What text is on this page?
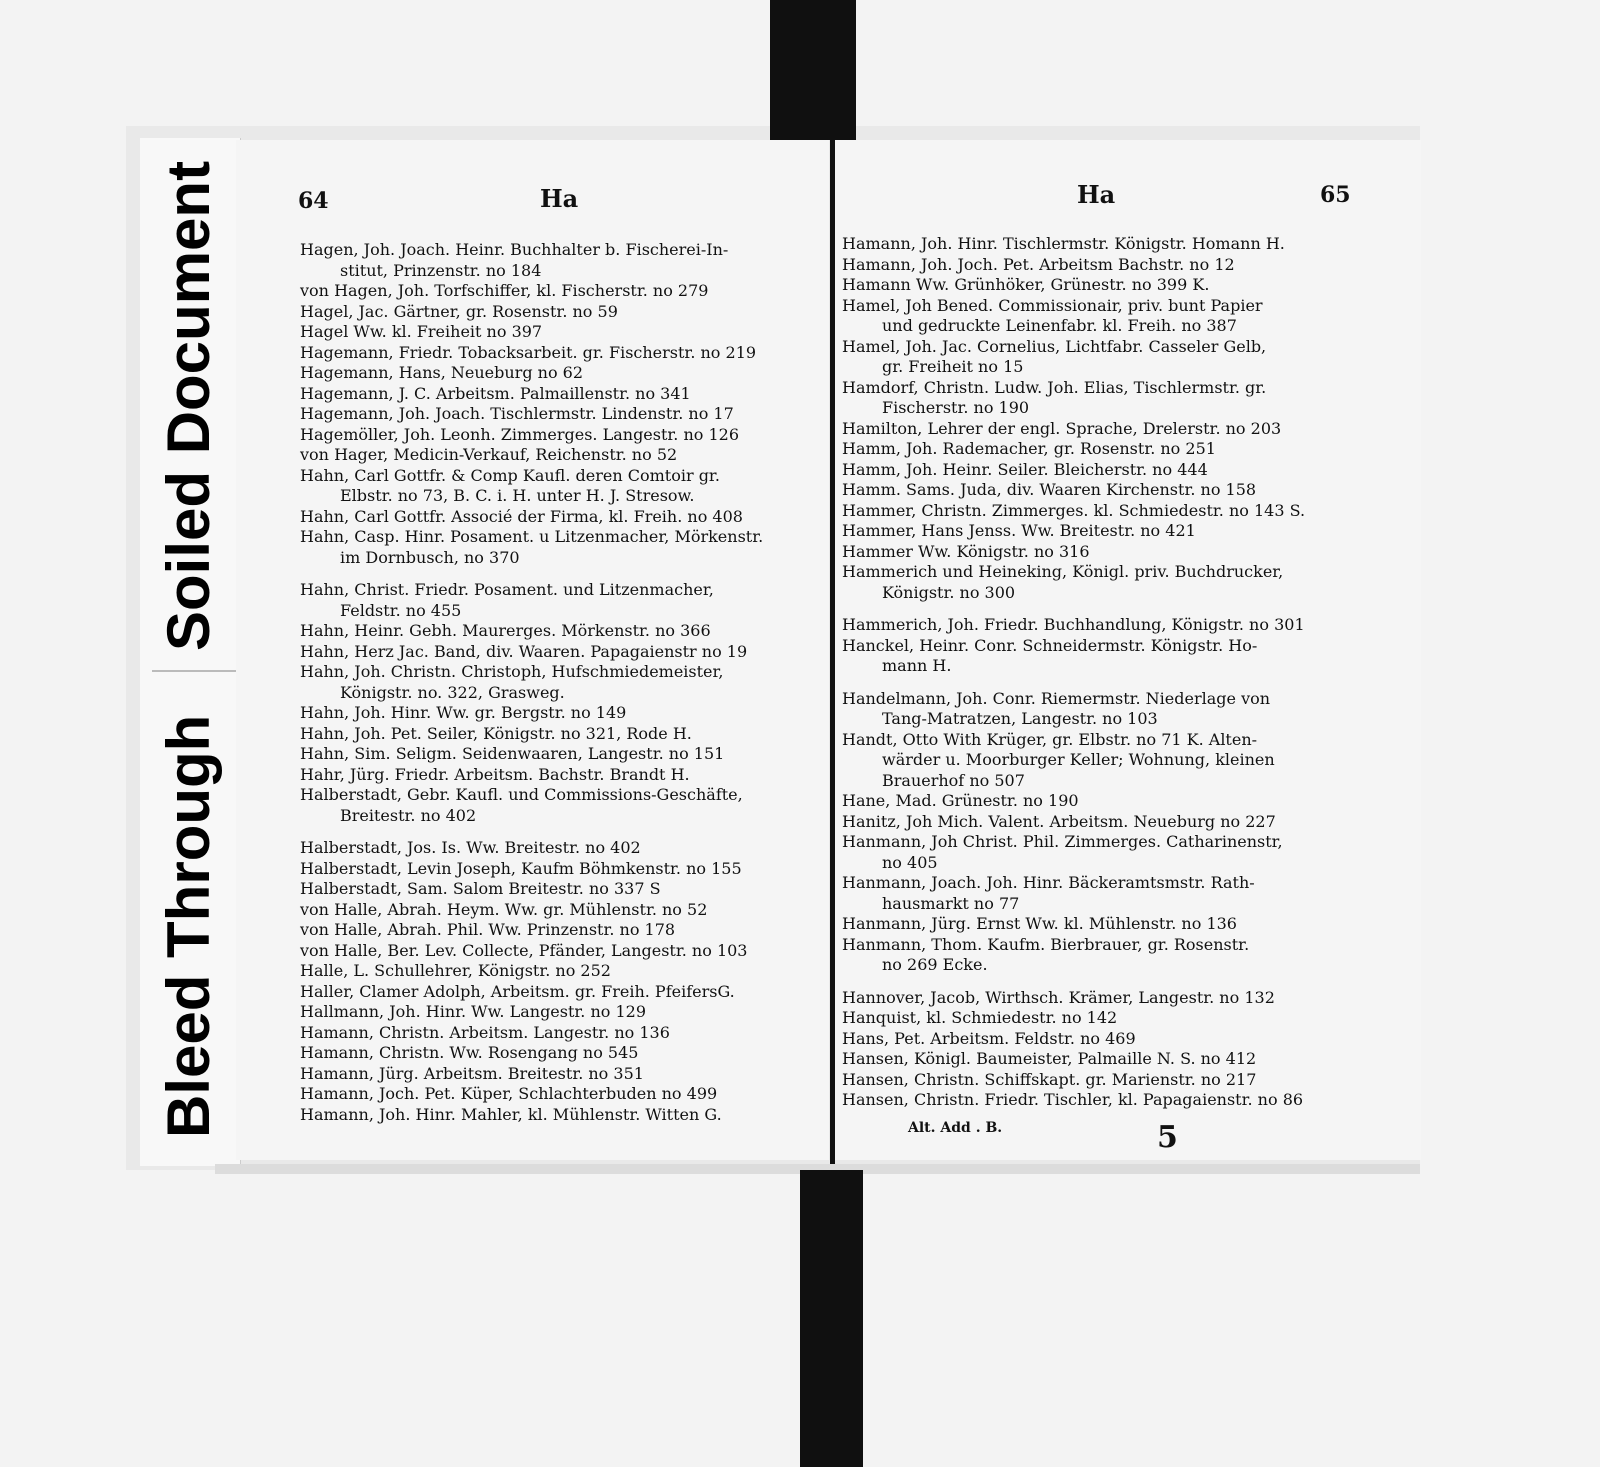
Bleed Through
Soiled Document	64	Ha	Ha	65
Hagen, Joh. Joach. Heinr. Buchhalter b. Fischerei-In-
stitut, Prinzenstr. no 184
von Hagen, Joh. Torfschiffer, kl. Fischerstr. no 279
Hagel, Jac. Gärtner, gr. Rosenstr. no 59
Hagel Ww. kl. Freiheit no 397
Hagemann, Friedr. Tobacksarbeit. gr. Fischerstr. no 219
Hagemann, Hans, Neueburg no 62
Hagemann, J. C. Arbeitsm. Palmaillenstr. no 341
Hagemann, Joh. Joach. Tischlermstr. Lindenstr. no 17
Hagemöller, Joh. Leonh. Zimmerges. Langestr. no 126
von Hager, Medicin-Verkauf, Reichenstr. no 52
Hahn, Carl Gottfr. & Comp Kaufl. deren Comtoir gr.
Elbstr. no 73, B. C. i. H. unter H. J. Stresow.
Hahn, Carl Gottfr. Associé der Firma, kl. Freih. no 408
Hahn, Casp. Hinr. Posament. u Litzenmacher, Mörkenstr.
im Dornbusch, no 370
Hahn, Christ. Friedr. Posament. und Litzenmacher,
Feldstr. no 455
Hahn, Heinr. Gebh. Maurerges. Mörkenstr. no 366
Hahn, Herz Jac. Band, div. Waaren. Papagaienstr no 19
Hahn, Joh. Christn. Christoph, Hufschmiedemeister,
Königstr. no. 322, Grasweg.
Hahn, Joh. Hinr. Ww. gr. Bergstr. no 149
Hahn, Joh. Pet. Seiler, Königstr. no 321, Rode H.
Hahn, Sim. Seligm. Seidenwaaren, Langestr. no 151
Hahr, Jürg. Friedr. Arbeitsm. Bachstr. Brandt H.
Halberstadt, Gebr. Kaufl. und Commissions-Geschäfte,
Breitestr. no 402
Halberstadt, Jos. Is. Ww. Breitestr. no 402
Halberstadt, Levin Joseph, Kaufm Böhmkenstr. no 155
Halberstadt, Sam. Salom Breitestr. no 337 S
von Halle, Abrah. Heym. Ww. gr. Mühlenstr. no 52
von Halle, Abrah. Phil. Ww. Prinzenstr. no 178
von Halle, Ber. Lev. Collecte, Pfänder, Langestr. no 103
Halle, L. Schullehrer, Königstr. no 252
Haller, Clamer Adolph, Arbeitsm. gr. Freih. PfeifersG.
Hallmann, Joh. Hinr. Ww. Langestr. no 129
Hamann, Christn. Arbeitsm. Langestr. no 136
Hamann, Christn. Ww. Rosengang no 545
Hamann, Jürg. Arbeitsm. Breitestr. no 351
Hamann, Joch. Pet. Küper, Schlachterbuden no 499
Hamann, Joh. Hinr. Mahler, kl. Mühlenstr. Witten G.
Hamann, Joh. Hinr. Tischlermstr. Königstr. Homann H.
Hamann, Joh. Joch. Pet. Arbeitsm Bachstr. no 12
Hamann Ww. Grünhöker, Grünestr. no 399 K.
Hamel, Joh Bened. Commissionair, priv. bunt Papier
und gedruckte Leinenfabr. kl. Freih. no 387
Hamel, Joh. Jac. Cornelius, Lichtfabr. Casseler Gelb,
gr. Freiheit no 15
Hamdorf, Christn. Ludw. Joh. Elias, Tischlermstr. gr.
Fischerstr. no 190
Hamilton, Lehrer der engl. Sprache, Drelerstr. no 203
Hamm, Joh. Rademacher, gr. Rosenstr. no 251
Hamm, Joh. Heinr. Seiler. Bleicherstr. no 444
Hamm. Sams. Juda, div. Waaren Kirchenstr. no 158
Hammer, Christn. Zimmerges. kl. Schmiedestr. no 143 S.
Hammer, Hans Jenss. Ww. Breitestr. no 421
Hammer Ww. Königstr. no 316
Hammerich und Heineking, Königl. priv. Buchdrucker,
Königstr. no 300
Hammerich, Joh. Friedr. Buchhandlung, Königstr. no 301
Hanckel, Heinr. Conr. Schneidermstr. Königstr. Ho-
mann H.
Handelmann, Joh. Conr. Riemermstr. Niederlage von
Tang-Matratzen, Langestr. no 103
Handt, Otto With Krüger, gr. Elbstr. no 71 K. Alten-
wärder u. Moorburger Keller; Wohnung, kleinen
Brauerhof no 507
Hane, Mad. Grünestr. no 190
Hanitz, Joh Mich. Valent. Arbeitsm. Neueburg no 227
Hanmann, Joh Christ. Phil. Zimmerges. Catharinenstr,
no 405
Hanmann, Joach. Joh. Hinr. Bäckeramtsmstr. Rath-
hausmarkt no 77
Hanmann, Jürg. Ernst Ww. kl. Mühlenstr. no 136
Hanmann, Thom. Kaufm. Bierbrauer, gr. Rosenstr.
no 269 Ecke.
Hannover, Jacob, Wirthsch. Krämer, Langestr. no 132
Hanquist, kl. Schmiedestr. no 142
Hans, Pet. Arbeitsm. Feldstr. no 469
Hansen, Königl. Baumeister, Palmaille N. S. no 412
Hansen, Christn. Schiffskapt. gr. Marienstr. no 217
Hansen, Christn. Friedr. Tischler, kl. Papagaienstr. no 86
Alt. Add . B.	5
